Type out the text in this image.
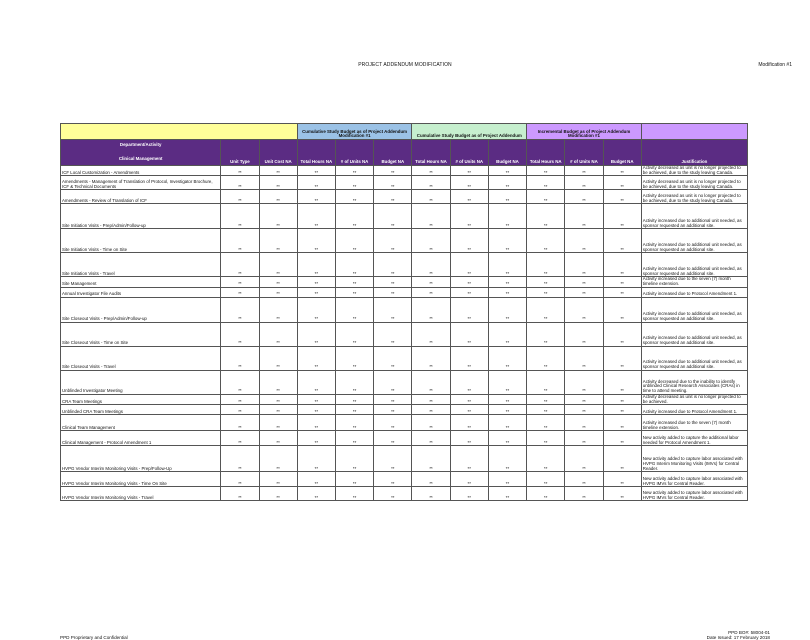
PROJECT ADDENDUM MODIFICATION	Modification #1
			Cumulative Study Budget as of Project Addendum Modification #1			Cumulative Study Budget as of Project Addendum			Incremental Budget as of Project Addendum Modification #1			

Department/Activity
Clinical Management	Unit Type	Unit Cost NA	Total Hours NA	# of Units NA	Budget NA	Total Hours NA	# of Units NA	Budget NA	Total Hours NA	# of Units NA	Budget NA	Justification
ICF Local Customization - Amendments	**	**	**	**	**	**	**	**	**	**	**	Activity decreased as unit is no longer projected to be achieved, due to the study leaving Canada.
Amendments - Management of Translation of Protocol, Investigator Brochure, ICF & Technical Documents	**	**	**	**	**	**	**	**	**	**	**	Activity decreased as unit is no longer projected to be achieved, due to the study leaving Canada.
Amendments - Review of Translation of ICF	**	**	**	**	**	**	**	**	**	**	**	Activity decreased as unit is no longer projected to be achieved, due to the study leaving Canada.
Site Initiation Visits - Prep/Admin/Follow-up	**	**	**	**	**	**	**	**	**	**	**	Activity increased due to additional unit needed, as sponsor requested an additional site.
Site Initiation Visits - Time on Site	**	**	**	**	**	**	**	**	**	**	**	Activity increased due to additional unit needed, as sponsor requested an additional site.
Site Initiation Visits - Travel	**	**	**	**	**	**	**	**	**	**	**	Activity increased due to additional unit needed, as sponsor requested an additional site.
Site Management	**	**	**	**	**	**	**	**	**	**	**	Activity increased due to the seven (7) month timeline extension.
Annual Investigator File Audits	**	**	**	**	**	**	**	**	**	**	**	Activity increased due to Protocol Amendment 1.
Site Closeout Visits - Prep/Admin/Follow-up	**	**	**	**	**	**	**	**	**	**	**	Activity increased due to additional unit needed, as sponsor requested an additional site.
Site Closeout Visits - Time on Site	**	**	**	**	**	**	**	**	**	**	**	Activity increased due to additional unit needed, as sponsor requested an additional site.
Site Closeout Visits - Travel	**	**	**	**	**	**	**	**	**	**	**	Activity increased due to additional unit needed, as sponsor requested an additional site.
Unblinded Investigator Meeting	**	**	**	**	**	**	**	**	**	**	**	Activity decreased due to the inability to identify unblinded Clinical Research Associates (CRAs) in time to attend meeting.
CRA Team Meetings	**	**	**	**	**	**	**	**	**	**	**	Activity decreased as unit is no longer projected to be achieved.
Unblinded CRA Team Meetings	**	**	**	**	**	**	**	**	**	**	**	Activity increased due to Protocol Amendment 1.
Clinical Team Management	**	**	**	**	**	**	**	**	**	**	**	Activity increased due to the seven (7) month timeline extension.
Clinical Management - Protocol Amendment 1	**	**	**	**	**	**	**	**	**	**	**	New activity added to capture the additional labor needed for Protocol Amendment 1.
HVPG Vendor Interim Monitoring Visits - Prep/Follow-Up	**	**	**	**	**	**	**	**	**	**	**	New activity added to capture labor associated with HVPG Interim Monitoring Visits (IMVs) for Central Reader.
HVPG Vendor Interim Monitoring Visits - Time On Site	**	**	**	**	**	**	**	**	**	**	**	New activity added to capture labor associated with HVPG IMVs for Central Reader.
HVPG Vendor Interim Monitoring Visits - Travel	**	**	**	**	**	**	**	**	**	**	**	New activity added to capture labor associated with HVPG IMVs for Central Reader.
PPD Proprietary and Confidential
PPD BO#: 58004-01
Date Issued: 17 February 2018
